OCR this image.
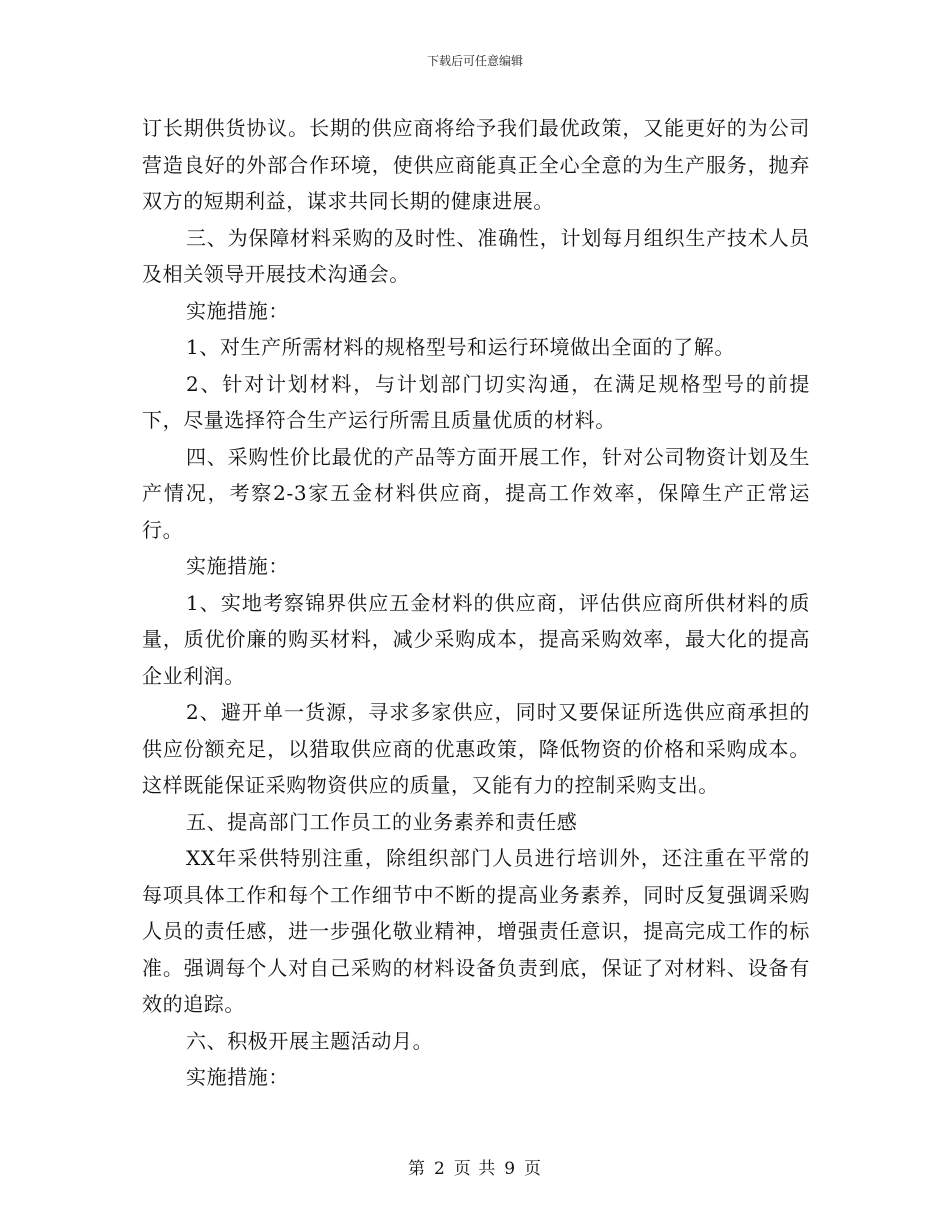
下载后可任意编辑

订长期供货协议。长期的供应商将给予我们最优政策，又能更好的为公司营造良好的外部合作环境，使供应商能真正全心全意的为生产服务，抛弃双方的短期利益，谋求共同长期的健康进展。

三、为保障材料采购的及时性、准确性，计划每月组织生产技术人员及相关领导开展技术沟通会。

实施措施：

1、对生产所需材料的规格型号和运行环境做出全面的了解。

2、针对计划材料，与计划部门切实沟通，在满足规格型号的前提下，尽量选择符合生产运行所需且质量优质的材料。

四、采购性价比最优的产品等方面开展工作，针对公司物资计划及生产情况，考察2-3家五金材料供应商，提高工作效率，保障生产正常运行。

实施措施：

1、实地考察锦界供应五金材料的供应商，评估供应商所供材料的质量，质优价廉的购买材料，减少采购成本，提高采购效率，最大化的提高企业利润。

2、避开单一货源，寻求多家供应，同时又要保证所选供应商承担的供应份额充足，以猎取供应商的优惠政策，降低物资的价格和采购成本。这样既能保证采购物资供应的质量，又能有力的控制采购支出。

五、提高部门工作员工的业务素养和责任感

XX年采供特别注重，除组织部门人员进行培训外，还注重在平常的每项具体工作和每个工作细节中不断的提高业务素养，同时反复强调采购人员的责任感，进一步强化敬业精神，增强责任意识，提高完成工作的标准。强调每个人对自己采购的材料设备负责到底，保证了对材料、设备有效的追踪。

六、积极开展主题活动月。

实施措施：

第 2 页 共 9 页
